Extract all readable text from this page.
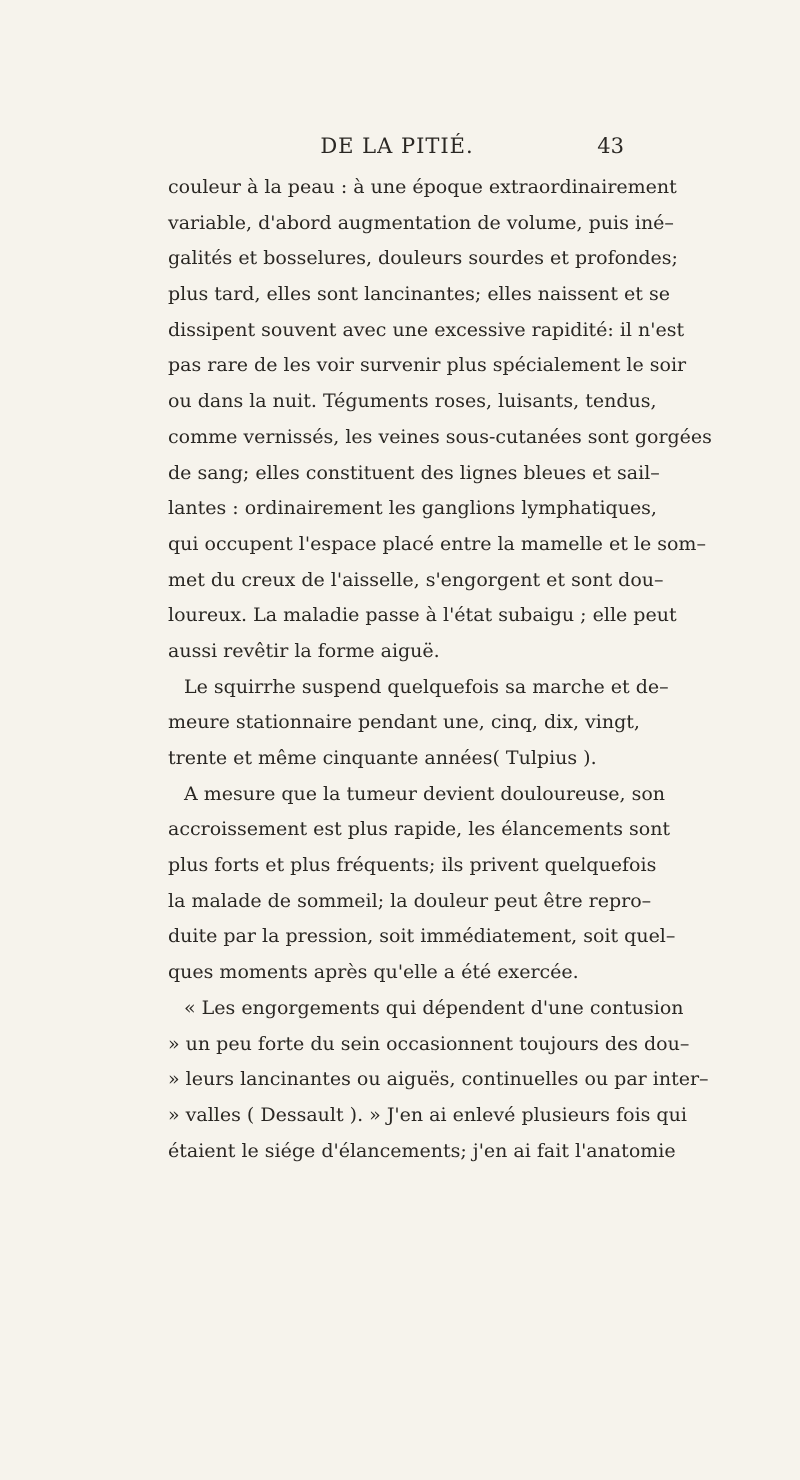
DE LA PITIÉ.	43
couleur à la peau : à une époque extraordinairement
variable, d'abord augmentation de volume, puis iné–
galités et bosselures, douleurs sourdes et profondes;
plus tard, elles sont lancinantes; elles naissent et se
dissipent souvent avec une excessive rapidité: il n'est
pas rare de les voir survenir plus spécialement le soir
ou dans la nuit. Téguments roses, luisants, tendus,
comme vernissés, les veines sous-cutanées sont gorgées
de sang; elles constituent des lignes bleues et sail–
lantes : ordinairement les ganglions lymphatiques,
qui occupent l'espace placé entre la mamelle et le som–
met du creux de l'aisselle, s'engorgent et sont dou–
loureux. La maladie passe à l'état subaigu ; elle peut
aussi revêtir la forme aiguë.
Le squirrhe suspend quelquefois sa marche et de–
meure stationnaire pendant une, cinq, dix, vingt,
trente et même cinquante années( Tulpius ).
A mesure que la tumeur devient douloureuse, son
accroissement est plus rapide, les élancements sont
plus forts et plus fréquents; ils privent quelquefois
la malade de sommeil; la douleur peut être repro–
duite par la pression, soit immédiatement, soit quel–
ques moments après qu'elle a été exercée.
« Les engorgements qui dépendent d'une contusion
» un peu forte du sein occasionnent toujours des dou–
» leurs lancinantes ou aiguës, continuelles ou par inter–
» valles ( Dessault ). » J'en ai enlevé plusieurs fois qui
étaient le siége d'élancements; j'en ai fait l'anatomie
